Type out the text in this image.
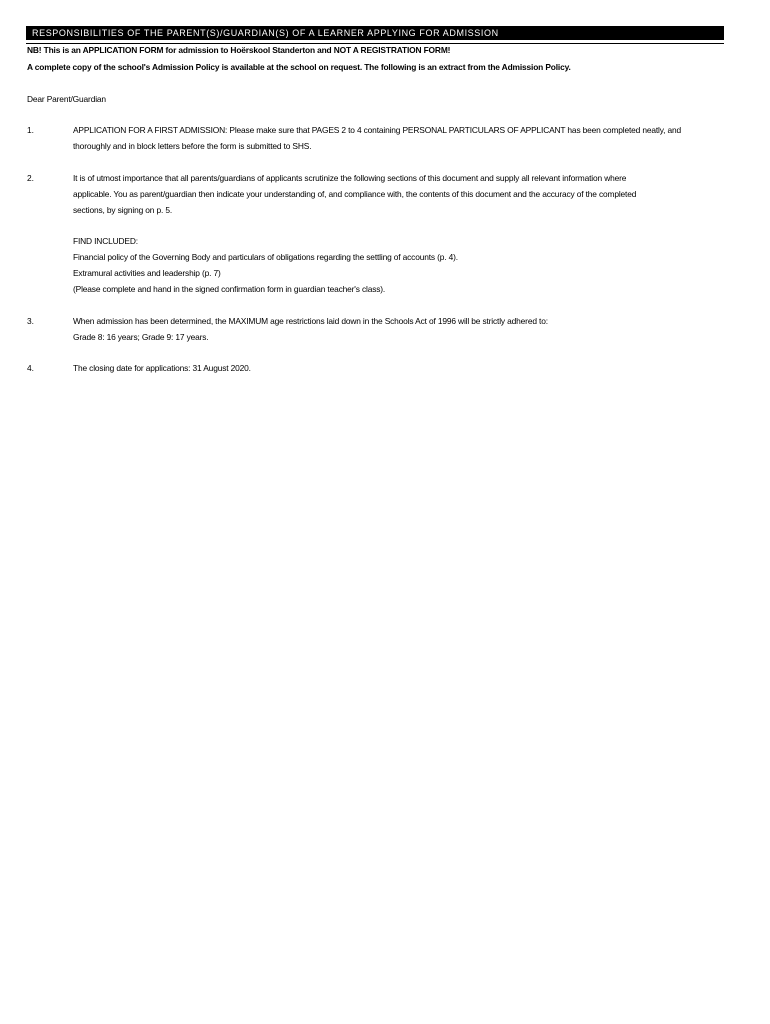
RESPONSIBILITIES OF THE PARENT(S)/GUARDIAN(S) OF A LEARNER APPLYING FOR ADMISSION
NB! This is an APPLICATION FORM for admission to Hoërskool Standerton and NOT A REGISTRATION FORM!
A complete copy of the school's Admission Policy is available at the school on request. The following is an extract from the Admission Policy.
Dear Parent/Guardian
1.	APPLICATION FOR A FIRST ADMISSION: Please make sure that PAGES 2 to 4 containing PERSONAL PARTICULARS OF APPLICANT has been completed neatly, and
thoroughly and in block letters before the form is submitted to SHS.
2.	It is of utmost importance that all parents/guardians of applicants scrutinize the following sections of this document and supply all relevant information where
applicable. You as parent/guardian then indicate your understanding of, and compliance with, the contents of this document and the accuracy of the completed
sections, by signing on p. 5.
FIND INCLUDED:
Financial policy of the Governing Body and particulars of obligations regarding the settling of accounts (p. 4).
Extramural activities and leadership (p. 7)
(Please complete and hand in the signed confirmation form in guardian teacher's class).
3.	When admission has been determined, the MAXIMUM age restrictions laid down in the Schools Act of 1996 will be strictly adhered to:
Grade 8: 16 years; Grade 9: 17 years.
4.	The closing date for applications: 31 August 2020.
